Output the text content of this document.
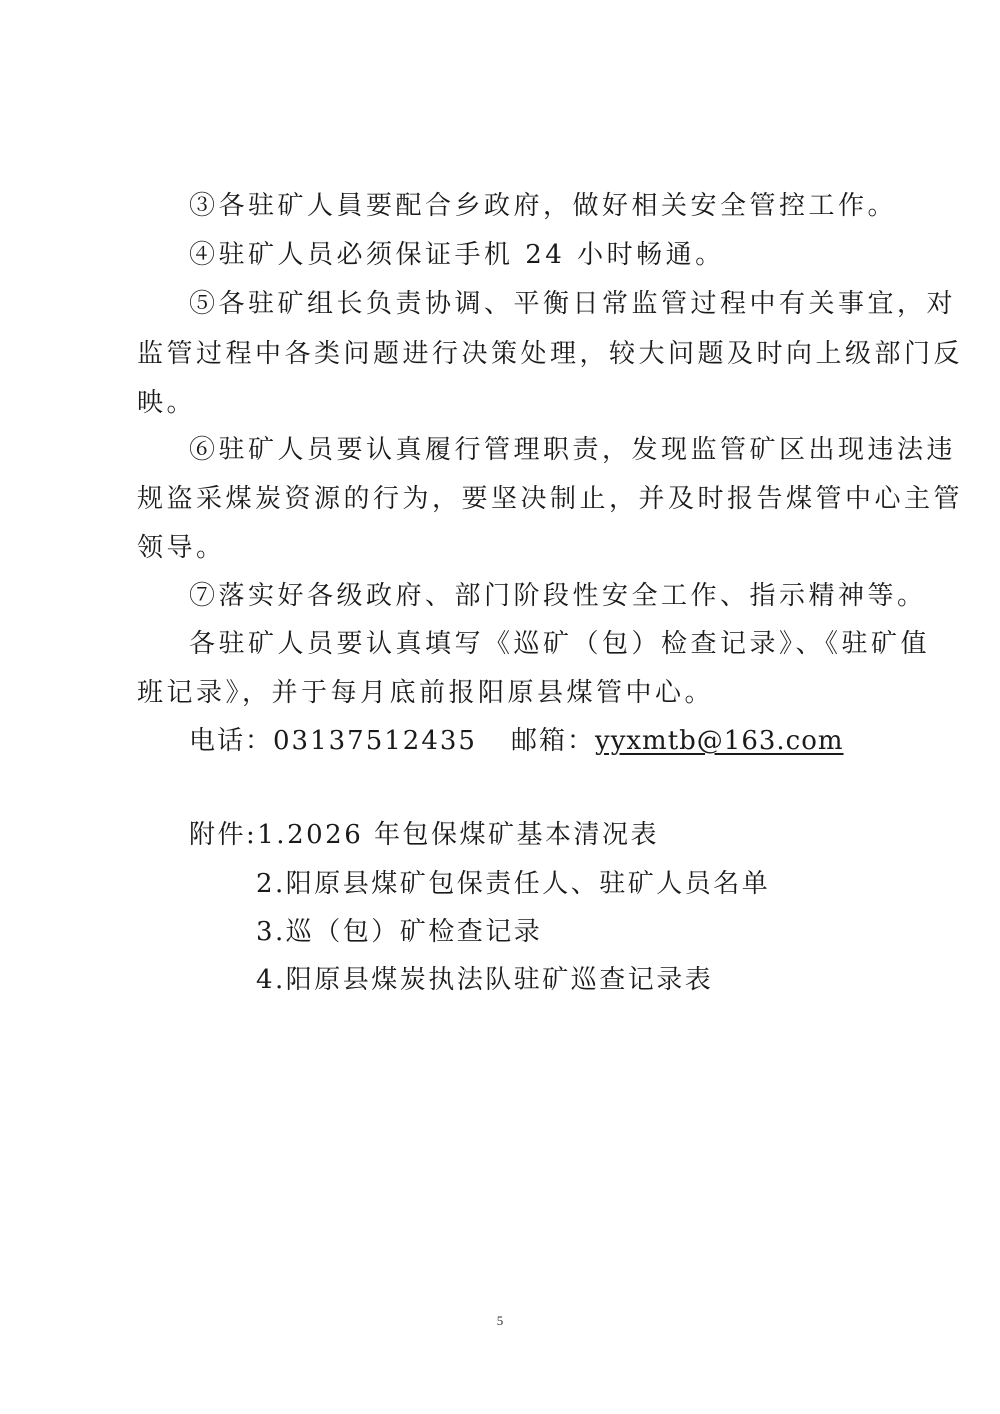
③各驻矿人員要配合乡政府，做好相关安全管控工作。
④驻矿人员必须保证手机 24 小时畅通。
⑤各驻矿组长负责协调、平衡日常监管过程中有关事宜，对
监管过程中各类问题进行决策处理，较大问题及时向上级部门反
映。
⑥驻矿人员要认真履行管理职责，发现监管矿区出现违法违
规盗采煤炭资源的行为，要坚决制止，并及时报告煤管中心主管
领导。
⑦落实好各级政府、部门阶段性安全工作、指示精神等。
各驻矿人员要认真填写《巡矿（包）检查记录》、《驻矿值
班记录》，并于每月底前报阳原县煤管中心。
电话：03137512435 邮箱：yyxmtb@163.com
附件:1.2026 年包保煤矿基本清况表
2.阳原县煤矿包保责任人、驻矿人员名单
3.巡（包）矿检查记录
4.阳原县煤炭执法队驻矿巡查记录表
5
